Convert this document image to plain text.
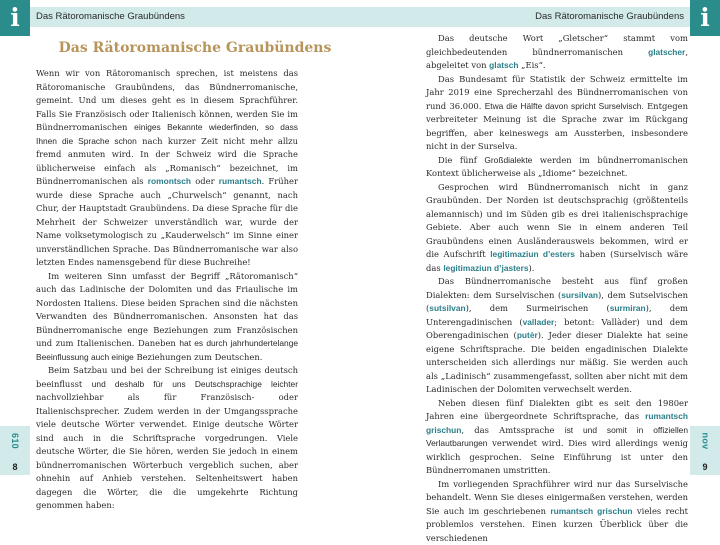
i	Das Rätoromanische Graubündens
Das Rätoromanische Graubündens

Wenn wir von Rätoromanisch sprechen, ist meistens das Rätoromanische Graubündens, das Bündnerromanische, gemeint. Und um dieses geht es in diesem Sprachführer. Falls Sie Französisch oder Italienisch können, werden Sie im Bündnerromanischen einiges Bekannte wiederfinden, so dass Ihnen die Sprache schon nach kurzer Zeit nicht mehr allzu fremd anmuten wird. In der Schweiz wird die Sprache üblicherweise einfach als „Romanisch“ bezeichnet, im Bündnerromanischen als romontsch oder rumantsch. Früher wurde diese Sprache auch „Churwelsch“ genannt, nach Chur, der Hauptstadt Graubündens. Da diese Sprache für die Mehrheit der Schweizer unverständlich war, wurde der Name volksetymologisch zu „Kauderwelsch“ im Sinne einer unverständlichen Sprache. Das Bündnerromanische war also letzten Endes namensgebend für diese Buchreihe!

Im weiteren Sinn umfasst der Begriff „Rätoromanisch“ auch das Ladinische der Dolomiten und das Friaulische im Nordosten Italiens. Diese beiden Sprachen sind die nächsten Verwandten des Bündnerromanischen. Ansonsten hat das Bündnerromanische enge Beziehungen zum Französischen und zum Italienischen. Daneben hat es durch jahrhundertelange Beeinflussung auch einige Beziehungen zum Deutschen.

Beim Satzbau und bei der Schreibung ist einiges deutsch beeinflusst und deshalb für uns Deutschsprachige leichter nachvollziehbar als für Französisch- oder Italienischsprecher. Zudem werden in der Umgangssprache viele deutsche Wörter verwendet. Einige deutsche Wörter sind auch in die Schriftsprache vorgedrungen. Viele deutsche Wörter, die Sie hören, werden Sie jedoch in einem bündnerromanischen Wörterbuch vergeblich suchen, aber ohnehin auf Anhieb verstehen. Seltenheitswert haben dagegen die Wörter, die die umgekehrte Richtung genommen haben:

610
8
i
Das Rätoromanische Graubündens

Das deutsche Wort „Gletscher“ stammt vom gleichbedeutenden bündnerromanischen glatscher, abgeleitet von glatsch „Eis“.

Das Bundesamt für Statistik der Schweiz ermittelte im Jahr 2019 eine Sprecherzahl des Bündnerromanischen von rund 36.000. Etwa die Hälfte davon spricht Surselvisch. Entgegen verbreiteter Meinung ist die Sprache zwar im Rückgang begriffen, aber keineswegs am Aussterben, insbesondere nicht in der Surselva.

Die fünf Großdialekte werden im bündnerromanischen Kontext üblicherweise als „Idiome“ bezeichnet.

Gesprochen wird Bündnerromanisch nicht in ganz Graubünden. Der Norden ist deutschsprachig (größtenteils alemannisch) und im Süden gib es drei italienischsprachige Gebiete. Aber auch wenn Sie in einem anderen Teil Graubündens einen Ausländerausweis bekommen, wird er die Aufschrift legitimaziun d’esters haben (Surselvisch wäre das legitimaziun d’jasters).

Das Bündnerromanische besteht aus fünf großen Dialekten: dem Surselvischen (sursilvan), dem Sutselvischen (sutsilvan), dem Surmeirischen (surmiran), dem Unterengadinischen (vallader; betont: Vallàder) und dem Oberengadinischen (putèr). Jeder dieser Dialekte hat seine eigene Schriftsprache. Die beiden engadinischen Dialekte unterscheiden sich allerdings nur mäßig. Sie werden auch als „Ladinisch“ zusammengefasst, sollten aber nicht mit dem Ladinischen der Dolomiten verwechselt werden.

Neben diesen fünf Dialekten gibt es seit den 1980er Jahren eine übergeordnete Schriftsprache, das rumantsch grischun, das Amtssprache ist und somit in offiziellen Verlautbarungen verwendet wird. Dies wird allerdings wenig wirklich gesprochen. Seine Einführung ist unter den Bündnerromanen umstritten.

Im vorliegenden Sprachführer wird nur das Surselvische behandelt. Wenn Sie dieses einigermaßen verstehen, werden Sie auch im geschriebenen rumantsch grischun vieles recht problemlos verstehen. Einen kurzen Überblick über die verschiedenen

nov
9
